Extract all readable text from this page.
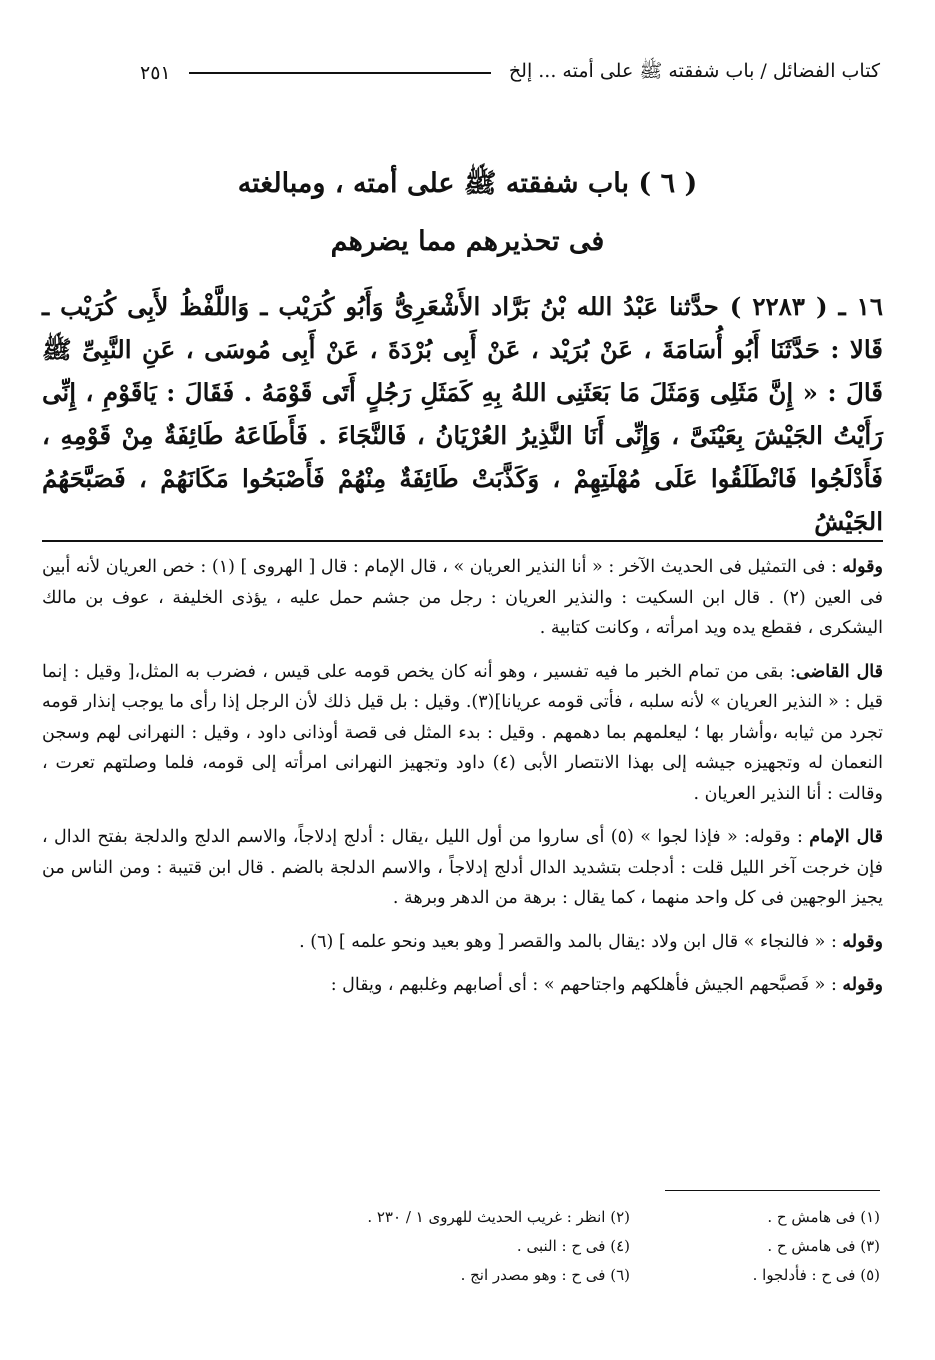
كتاب الفضائل / باب شفقته ﷺ على أمته ... إلخ
٢٥١
( ٦ ) باب شفقته ﷺ على أمته ، ومبالغته
فى تحذيرهم مما يضرهم
١٦ ـ ( ٢٢٨٣ ) حدَّثنا عَبْدُ الله بْنُ بَرَّاد الأَشْعَرِىُّ وَأَبُو كُرَيْب ـ وَاللَّفْظُ لأَبِى كُرَيْب ـ قَالا : حَدَّثَنَا أَبُو أُسَامَةَ ، عَنْ بُرَيْد ، عَنْ أَبِى بُرْدَةَ ، عَنْ أَبِى مُوسَى ، عَنِ النَّبِىِّ ﷺ قَالَ : « إِنَّ مَثَلِى وَمَثَلَ مَا بَعَثَنِى اللهُ بِهِ كَمَثَلِ رَجُلٍ أَتَى قَوْمَهُ . فَقَالَ : يَاقَوْمِ ، إِنِّى رَأَيْتُ الجَيْشَ بِعَيْنَىَّ ، وَإِنِّى أَنَا النَّذِيرُ العُرْيَانُ ، فَالنَّجَاءَ . فَأَطَاعَهُ طَائِفَةٌ مِنْ قَوْمِهِ ، فَأَدْلَجُوا فَانْطَلَقُوا عَلَى مُهْلَتِهِمْ ، وَكَذَّبَتْ طَائِفَةٌ مِنْهُمْ فَأَصْبَحُوا مَكَانَهُمْ ، فَصَبَّحَهُمُ الجَيْشُ

وقوله : فى التمثيل فى الحديث الآخر : « أنا النذير العريان » ، قال الإمام : قال [ الهروى ] (١) : خص العريان لأنه أبين فى العين (٢) . قال ابن السكيت : والنذير العريان : رجل من جشم حمل عليه ، يؤذى الخليفة ، عوف بن مالك اليشكرى ، فقطع يده ويد امرأته ، وكانت كتابية .

قال القاضى: بقى من تمام الخبر ما فيه تفسير ، وهو أنه كان يخص قومه على قيس ، فضرب به المثل،[ وقيل : إنما قيل : « النذير العريان » لأنه سلبه ، فأتى قومه عريانا](٣). وقيل : بل قيل ذلك لأن الرجل إذا رأى ما يوجب إنذار قومه تجرد من ثيابه ،وأشار بها ؛ ليعلمهم بما دهمهم . وقيل : بدء المثل فى قصة أوذانى داود ، وقيل : النهرانى لهم وسجن النعمان له وتجهيزه جيشه إلى بهذا الانتصار الأبى (٤) داود وتجهيز النهرانى امرأته إلى قومه، فلما وصلتهم تعرت ، وقالت : أنا النذير العريان .

قال الإمام : وقوله: « فإذا لجوا » (٥) أى ساروا من أول الليل ،يقال : أدلج إدلاجاً، والاسم الدلج والدلجة بفتح الدال ، فإن خرجت آخر الليل قلت : أدجلت بتشديد الدال أدلج إدلاجاً ، والاسم الدلجة بالضم . قال ابن قتيبة : ومن الناس من يجيز الوجهين فى كل واحد منهما ، كما يقال : برهة من الدهر وبرهة .

وقوله : « فالنجاء » قال ابن ولاد :يقال بالمد والقصر [ وهو بعيد ونحو علمه ] (٦) .

وقوله : « فَصبَّحهم الجيش فأهلكهم واجتاحهم » : أى أصابهم وغلبهم ، ويقال :

(١) فى هامش ح .
(٢) انظر : غريب الحديث للهروى ١ / ٢٣٠ .
(٣) فى هامش ح .
(٤) فى ح : النبى .
(٥) فى ح : فأدلجوا .
(٦) فى ح : وهو مصدر انج .
